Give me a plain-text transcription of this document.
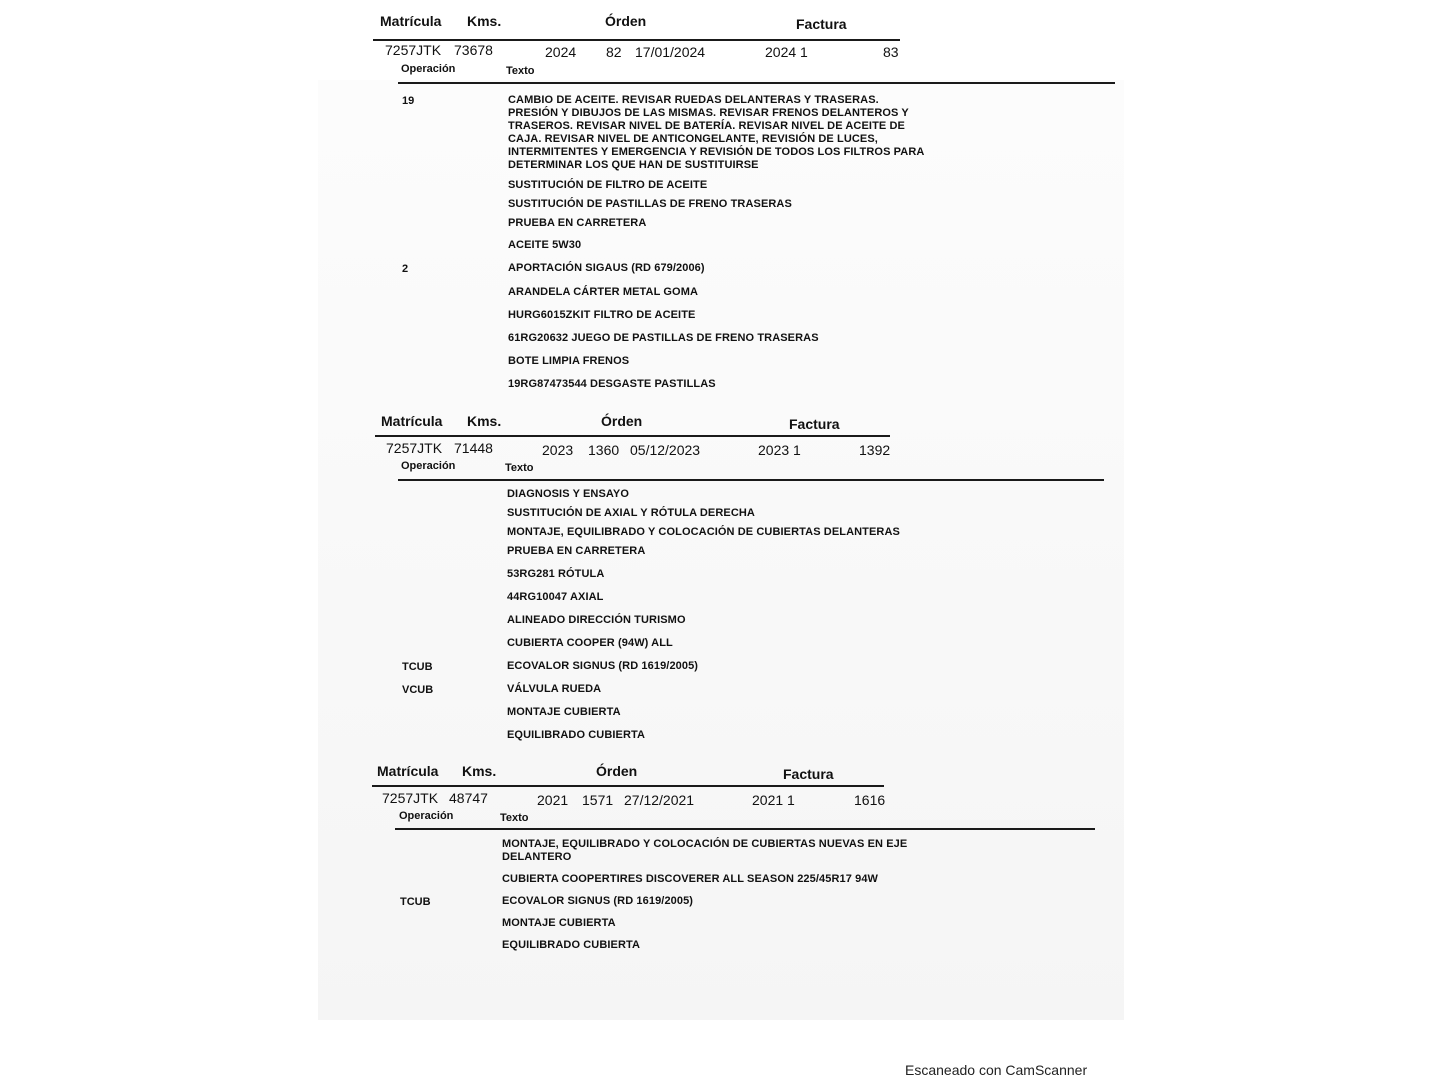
Matrícula Kms.	Órden	Factura
7257JTK 73678	2024 82 17/01/2024	2024 1	83
Operación	Texto
19	CAMBIO DE ACEITE. REVISAR RUEDAS DELANTERAS Y TRASERAS.
PRESIÓN Y DIBUJOS DE LAS MISMAS. REVISAR FRENOS DELANTEROS Y
TRASEROS. REVISAR NIVEL DE BATERÍA. REVISAR NIVEL DE ACEITE DE
CAJA. REVISAR NIVEL DE ANTICONGELANTE, REVISIÓN DE LUCES,
INTERMITENTES Y EMERGENCIA Y REVISIÓN DE TODOS LOS FILTROS PARA
DETERMINAR LOS QUE HAN DE SUSTITUIRSE
SUSTITUCIÓN DE FILTRO DE ACEITE
SUSTITUCIÓN DE PASTILLAS DE FRENO TRASERAS
PRUEBA EN CARRETERA
ACEITE 5W30
2	APORTACIÓN SIGAUS (RD 679/2006)
ARANDELA CÁRTER METAL GOMA
HURG6015ZKIT FILTRO DE ACEITE
61RG20632 JUEGO DE PASTILLAS DE FRENO TRASERAS
BOTE LIMPIA FRENOS
19RG87473544 DESGASTE PASTILLAS
Matrícula Kms.	Órden	Factura
7257JTK 71448	2023 1360 05/12/2023	2023 1	1392
Operación	Texto
DIAGNOSIS Y ENSAYO
SUSTITUCIÓN DE AXIAL Y RÓTULA DERECHA
MONTAJE, EQUILIBRADO Y COLOCACIÓN DE CUBIERTAS DELANTERAS
PRUEBA EN CARRETERA
53RG281 RÓTULA
44RG10047 AXIAL
ALINEADO DIRECCIÓN TURISMO
CUBIERTA COOPER (94W) ALL
TCUB	ECOVALOR SIGNUS (RD 1619/2005)
VCUB	VÁLVULA RUEDA
MONTAJE CUBIERTA
EQUILIBRADO CUBIERTA
Matrícula Kms.	Órden	Factura
7257JTK 48747	2021 1571 27/12/2021	2021 1	1616
Operación	Texto
MONTAJE, EQUILIBRADO Y COLOCACIÓN DE CUBIERTAS NUEVAS EN EJE
DELANTERO
CUBIERTA COOPERTIRES DISCOVERER ALL SEASON 225/45R17 94W
TCUB	ECOVALOR SIGNUS (RD 1619/2005)
MONTAJE CUBIERTA
EQUILIBRADO CUBIERTA
Escaneado con CamScanner
